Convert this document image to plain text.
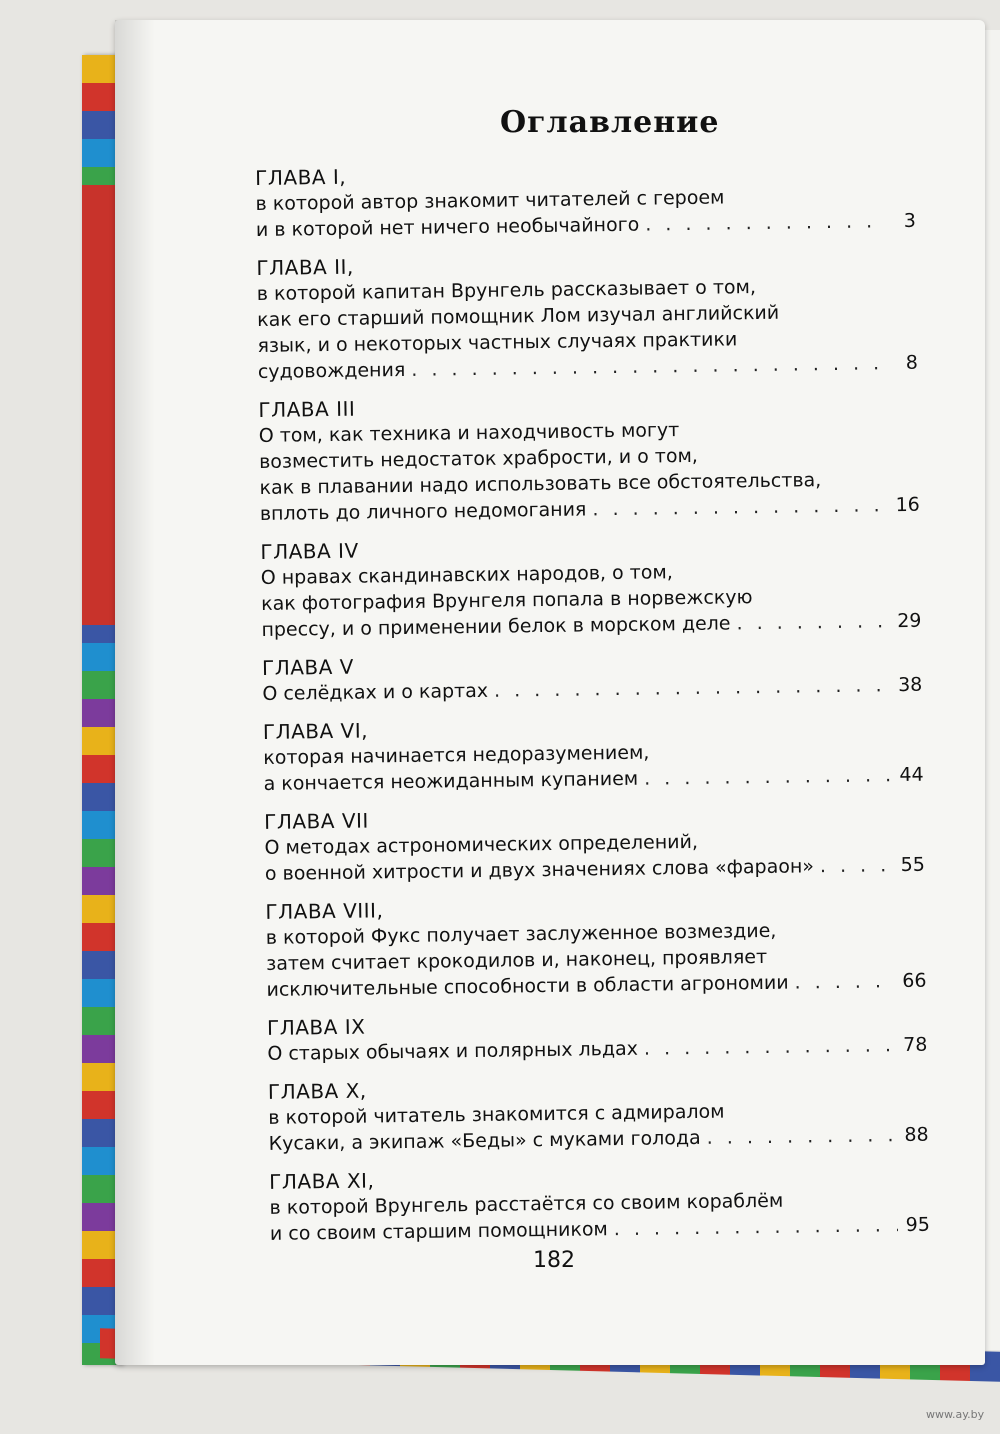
Оглавление
ГЛАВА I,
в которой автор знакомит читателей с героем
и в которой нет ничего необычайного . . .	3
ГЛАВА II,
в которой капитан Врунгель рассказывает о том,
как его старший помощник Лом изучал английский
язык, и о некоторых частных случаях практики
судовождения . . .	8
ГЛАВА III
О том, как техника и находчивость могут
возместить недостаток храбрости, и о том,
как в плавании надо использовать все обстоятельства,
вплоть до личного недомогания . . .	16
ГЛАВА IV
О нравах скандинавских народов, о том,
как фотография Врунгеля попала в норвежскую
прессу, и о применении белок в морском деле . . .	29
ГЛАВА V
О селёдках и о картах . . .	38
ГЛАВА VI,
которая начинается недоразумением,
а кончается неожиданным купанием . . .	44
ГЛАВА VII
О методах астрономических определений,
о военной хитрости и двух значениях слова «фараон» . . .	55
ГЛАВА VIII,
в которой Фукс получает заслуженное возмездие,
затем считает крокодилов и, наконец, проявляет
исключительные способности в области агрономии . . .	66
ГЛАВА IX
О старых обычаях и полярных льдах . . .	78
ГЛАВА X,
в которой читатель знакомится с адмиралом
Кусаки, а экипаж «Беды» с муками голода . . .	88
ГЛАВА XI,
в которой Врунгель расстаётся со своим кораблём
и со своим старшим помощником . . .	95
182
www.ay.by
